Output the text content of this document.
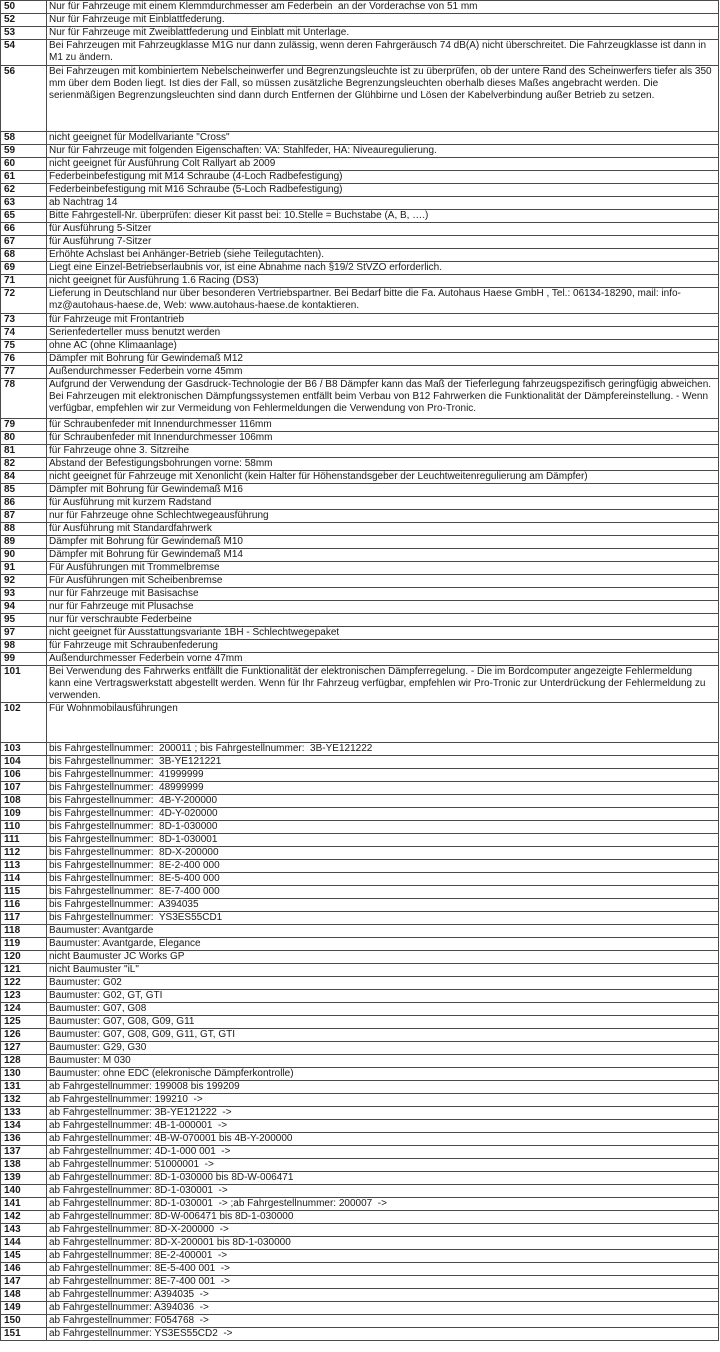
50	Nur für Fahrzeuge mit einem Klemmdurchmesser am Federbein  an der Vorderachse von 51 mm
52	Nur für Fahrzeuge mit Einblattfederung.
53	Nur für Fahrzeuge mit Zweiblattfederung und Einblatt mit Unterlage.
54	Bei Fahrzeugen mit Fahrzeugklasse M1G nur dann zulässig, wenn deren Fahrgeräusch 74 dB(A) nicht überschreitet. Die Fahrzeugklasse ist dann in M1 zu ändern.
56	Bei Fahrzeugen mit kombiniertem Nebelscheinwerfer und Begrenzungsleuchte ist zu überprüfen, ob der untere Rand des Scheinwerfers tiefer als 350 mm über dem Boden liegt. Ist dies der Fall, so müssen zusätzliche Begrenzungsleuchten oberhalb dieses Maßes angebracht werden. Die serienmäßigen Begrenzungsleuchten sind dann durch Entfernen der Glühbirne und Lösen der Kabelverbindung außer Betrieb zu setzen.
58	nicht geeignet für Modellvariante "Cross"
59	Nur für Fahrzeuge mit folgenden Eigenschaften: VA: Stahlfeder, HA: Niveauregulierung.
60	nicht geeignet für Ausführung Colt Rallyart ab 2009
61	Federbeinbefestigung mit M14 Schraube (4-Loch Radbefestigung)
62	Federbeinbefestigung mit M16 Schraube (5-Loch Radbefestigung)
63	ab Nachtrag 14
65	Bitte Fahrgestell-Nr. überprüfen: dieser Kit passt bei: 10.Stelle = Buchstabe (A, B, ….)
66	für Ausführung 5-Sitzer
67	für Ausführung 7-Sitzer
68	Erhöhte Achslast bei Anhänger-Betrieb (siehe Teilegutachten).
69	Liegt eine Einzel-Betriebserlaubnis vor, ist eine Abnahme nach §19/2 StVZO erforderlich.
71	nicht geeignet für Ausführung 1.6 Racing (DS3)
72	Lieferung in Deutschland nur über besonderen Vertriebspartner. Bei Bedarf bitte die Fa. Autohaus Haese GmbH , Tel.: 06134-18290, mail: info-mz@autohaus-haese.de, Web: www.autohaus-haese.de kontaktieren.
73	für Fahrzeuge mit Frontantrieb
74	Serienfederteller muss benutzt werden
75	ohne AC (ohne Klimaanlage)
76	Dämpfer mit Bohrung für Gewindemaß M12
77	Außendurchmesser Federbein vorne 45mm
78	Aufgrund der Verwendung der Gasdruck-Technologie der B6 / B8 Dämpfer kann das Maß der Tieferlegung fahrzeugspezifisch geringfügig abweichen. Bei Fahrzeugen mit elektronischen Dämpfungssystemen entfällt beim Verbau von B12 Fahrwerken die Funktionalität der Dämpfereinstellung. - Wenn verfügbar, empfehlen wir zur Vermeidung von Fehlermeldungen die Verwendung von Pro-Tronic.
79	für Schraubenfeder mit Innendurchmesser 116mm
80	für Schraubenfeder mit Innendurchmesser 106mm
81	für Fahrzeuge ohne 3. Sitzreihe
82	Abstand der Befestigungsbohrungen vorne: 58mm
84	nicht geeignet für Fahrzeuge mit Xenonlicht (kein Halter für Höhenstandsgeber der Leuchtweitenregulierung am Dämpfer)
85	Dämpfer mit Bohrung für Gewindemaß M16
86	für Ausführung mit kurzem Radstand
87	nur für Fahrzeuge ohne Schlechtwegeausführung
88	für Ausführung mit Standardfahrwerk
89	Dämpfer mit Bohrung für Gewindemaß M10
90	Dämpfer mit Bohrung für Gewindemaß M14
91	Für Ausführungen mit Trommelbremse
92	Für Ausführungen mit Scheibenbremse
93	nur für Fahrzeuge mit Basisachse
94	nur für Fahrzeuge mit Plusachse
95	nur für verschraubte Federbeine
97	nicht geeignet für Ausstattungsvariante 1BH - Schlechtwegepaket
98	für Fahrzeuge mit Schraubenfederung
99	Außendurchmesser Federbein vorne 47mm
101	Bei Verwendung des Fahrwerks entfällt die Funktionalität der elektronischen Dämpferregelung. - Die im Bordcomputer angezeigte Fehlermeldung kann eine Vertragswerkstatt abgestellt werden. Wenn für Ihr Fahrzeug verfügbar, empfehlen wir Pro-Tronic zur Unterdrückung der Fehlermeldung zu verwenden.
102	Für Wohnmobilausführungen
103	bis Fahrgestellnummer:  200011 ; bis Fahrgestellnummer:  3B-YE121222
104	bis Fahrgestellnummer:  3B-YE121221
106	bis Fahrgestellnummer:  41999999
107	bis Fahrgestellnummer:  48999999
108	bis Fahrgestellnummer:  4B-Y-200000
109	bis Fahrgestellnummer:  4D-Y-020000
110	bis Fahrgestellnummer:  8D-1-030000
111	bis Fahrgestellnummer:  8D-1-030001
112	bis Fahrgestellnummer:  8D-X-200000
113	bis Fahrgestellnummer:  8E-2-400 000
114	bis Fahrgestellnummer:  8E-5-400 000
115	bis Fahrgestellnummer:  8E-7-400 000
116	bis Fahrgestellnummer:  A394035
117	bis Fahrgestellnummer:  YS3ES55CD1
118	Baumuster: Avantgarde
119	Baumuster: Avantgarde, Elegance
120	nicht Baumuster JC Works GP
121	nicht Baumuster "iL"
122	Baumuster: G02
123	Baumuster: G02, GT, GTI
124	Baumuster: G07, G08
125	Baumuster: G07, G08, G09, G11
126	Baumuster: G07, G08, G09, G11, GT, GTI
127	Baumuster: G29, G30
128	Baumuster: M 030
130	Baumuster: ohne EDC (elekronische Dämpferkontrolle)
131	ab Fahrgestellnummer: 199008 bis 199209
132	ab Fahrgestellnummer: 199210  ->
133	ab Fahrgestellnummer: 3B-YE121222  ->
134	ab Fahrgestellnummer: 4B-1-000001  ->
136	ab Fahrgestellnummer: 4B-W-070001 bis 4B-Y-200000
137	ab Fahrgestellnummer: 4D-1-000 001  ->
138	ab Fahrgestellnummer: 51000001  ->
139	ab Fahrgestellnummer: 8D-1-030000 bis 8D-W-006471
140	ab Fahrgestellnummer: 8D-1-030001  ->
141	ab Fahrgestellnummer: 8D-1-030001  -> ;ab Fahrgestellnummer: 200007  ->
142	ab Fahrgestellnummer: 8D-W-006471 bis 8D-1-030000
143	ab Fahrgestellnummer: 8D-X-200000  ->
144	ab Fahrgestellnummer: 8D-X-200001 bis 8D-1-030000
145	ab Fahrgestellnummer: 8E-2-400001  ->
146	ab Fahrgestellnummer: 8E-5-400 001  ->
147	ab Fahrgestellnummer: 8E-7-400 001  ->
148	ab Fahrgestellnummer: A394035  ->
149	ab Fahrgestellnummer: A394036  ->
150	ab Fahrgestellnummer: F054768  ->
151	ab Fahrgestellnummer: YS3ES55CD2  ->
